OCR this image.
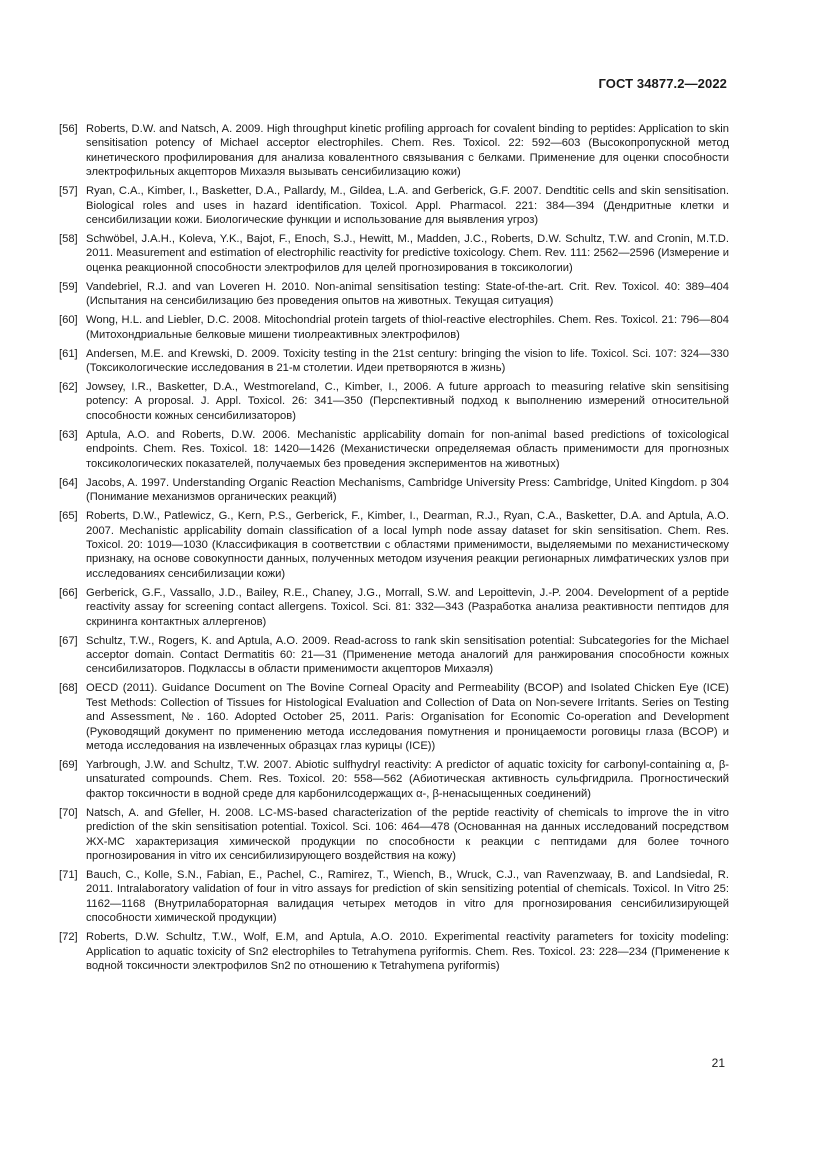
ГОСТ 34877.2—2022
[56] Roberts, D.W. and Natsch, A. 2009. High throughput kinetic profiling approach for covalent binding to peptides: Application to skin sensitisation potency of Michael acceptor electrophiles. Chem. Res. Toxicol. 22: 592—603 (Высокопропускной метод кинетического профилирования для анализа ковалентного связывания с белками. Применение для оценки способности электрофильных акцепторов Михаэля вызывать сенсибилизацию кожи)
[57] Ryan, C.A., Kimber, I., Basketter, D.A., Pallardy, M., Gildea, L.A. and Gerberick, G.F. 2007. Dendtitic cells and skin sensitisation. Biological roles and uses in hazard identification. Toxicol. Appl. Pharmacol. 221: 384—394 (Дендритные клетки и сенсибилизации кожи. Биологические функции и использование для выявления угроз)
[58] Schwöbel, J.A.H., Koleva, Y.K., Bajot, F., Enoch, S.J., Hewitt, M., Madden, J.C., Roberts, D.W. Schultz, T.W. and Cronin, M.T.D. 2011. Measurement and estimation of electrophilic reactivity for predictive toxicology. Chem. Rev. 111: 2562—2596 (Измерение и оценка реакционной способности электрофилов для целей прогнозирования в токсикологии)
[59] Vandebriel, R.J. and van Loveren H. 2010. Non-animal sensitisation testing: State-of-the-art. Crit. Rev. Toxicol. 40: 389–404 (Испытания на сенсибилизацию без проведения опытов на животных. Текущая ситуация)
[60] Wong, H.L. and Liebler, D.C. 2008. Mitochondrial protein targets of thiol-reactive electrophiles. Chem. Res. Toxicol. 21: 796—804 (Митохондриальные белковые мишени тиолреактивных электрофилов)
[61] Andersen, M.E. and Krewski, D. 2009. Toxicity testing in the 21st century: bringing the vision to life. Toxicol. Sci. 107: 324—330 (Токсикологические исследования в 21-м столетии. Идеи претворяются в жизнь)
[62] Jowsey, I.R., Basketter, D.A., Westmoreland, C., Kimber, I., 2006. A future approach to measuring relative skin sensitising potency: A proposal. J. Appl. Toxicol. 26: 341—350 (Перспективный подход к выполнению измерений относительной способности кожных сенсибилизаторов)
[63] Aptula, A.O. and Roberts, D.W. 2006. Mechanistic applicability domain for non-animal based predictions of toxicological endpoints. Chem. Res. Toxicol. 18: 1420—1426 (Механистически определяемая область применимости для прогнозных токсикологических показателей, получаемых без проведения экспериментов на животных)
[64] Jacobs, A. 1997. Understanding Organic Reaction Mechanisms, Cambridge University Press: Cambridge, United Kingdom. p 304 (Понимание механизмов органических реакций)
[65] Roberts, D.W., Patlewicz, G., Kern, P.S., Gerberick, F., Kimber, I., Dearman, R.J., Ryan, C.A., Basketter, D.A. and Aptula, A.O. 2007. Mechanistic applicability domain classification of a local lymph node assay dataset for skin sensitisation. Chem. Res. Toxicol. 20: 1019—1030 (Классификация в соответствии с областями применимости, выделяемыми по механистическому признаку, на основе совокупности данных, полученных методом изучения реакции регионарных лимфатических узлов при исследованиях сенсибилизации кожи)
[66] Gerberick, G.F., Vassallo, J.D., Bailey, R.E., Chaney, J.G., Morrall, S.W. and Lepoittevin, J.-P. 2004. Development of a peptide reactivity assay for screening contact allergens. Toxicol. Sci. 81: 332—343 (Разработка анализа реактивности пептидов для скрининга контактных аллергенов)
[67] Schultz, T.W., Rogers, K. and Aptula, A.O. 2009. Read-across to rank skin sensitisation potential: Subcategories for the Michael acceptor domain. Contact Dermatitis 60: 21—31 (Применение метода аналогий для ранжирования способности кожных сенсибилизаторов. Подклассы в области применимости акцепторов Михаэля)
[68] OECD (2011). Guidance Document on The Bovine Corneal Opacity and Permeability (BCOP) and Isolated Chicken Eye (ICE) Test Methods: Collection of Tissues for Histological Evaluation and Collection of Data on Non-severe Irritants. Series on Testing and Assessment, №. 160. Adopted October 25, 2011. Paris: Organisation for Economic Co-operation and Development (Руководящий документ по применению метода исследования помутнения и проницаемости роговицы глаза (BCOP) и метода исследования на извлеченных образцах глаз курицы (ICE))
[69] Yarbrough, J.W. and Schultz, T.W. 2007. Abiotic sulfhydryl reactivity: A predictor of aquatic toxicity for carbonyl-containing α, β-unsaturated compounds. Chem. Res. Toxicol. 20: 558—562 (Абиотическая активность сульфгидрила. Прогностический фактор токсичности в водной среде для карбонилсодержащих α-, β-ненасыщенных соединений)
[70] Natsch, A. and Gfeller, H. 2008. LC-MS-based characterization of the peptide reactivity of chemicals to improve the in vitro prediction of the skin sensitisation potential. Toxicol. Sci. 106: 464—478 (Основанная на данных исследований посредством ЖХ-МС характеризация химической продукции по способности к реакции с пептидами для более точного прогнозирования in vitro их сенсибилизирующего воздействия на кожу)
[71] Bauch, C., Kolle, S.N., Fabian, E., Pachel, C., Ramirez, T., Wiench, B., Wruck, C.J., van Ravenzwaay, B. and Landsiedal, R. 2011. Intralaboratory validation of four in vitro assays for prediction of skin sensitizing potential of chemicals. Toxicol. In Vitro 25: 1162—1168 (Внутрилабораторная валидация четырех методов in vitro для прогнозирования сенсибилизирующей способности химической продукции)
[72] Roberts, D.W. Schultz, T.W., Wolf, E.M, and Aptula, A.O. 2010. Experimental reactivity parameters for toxicity modeling: Application to aquatic toxicity of Sn2 electrophiles to Tetrahymena pyriformis. Chem. Res. Toxicol. 23: 228—234 (Применение к водной токсичности электрофилов Sn2 по отношению к Tetrahymena pyriformis)
21
